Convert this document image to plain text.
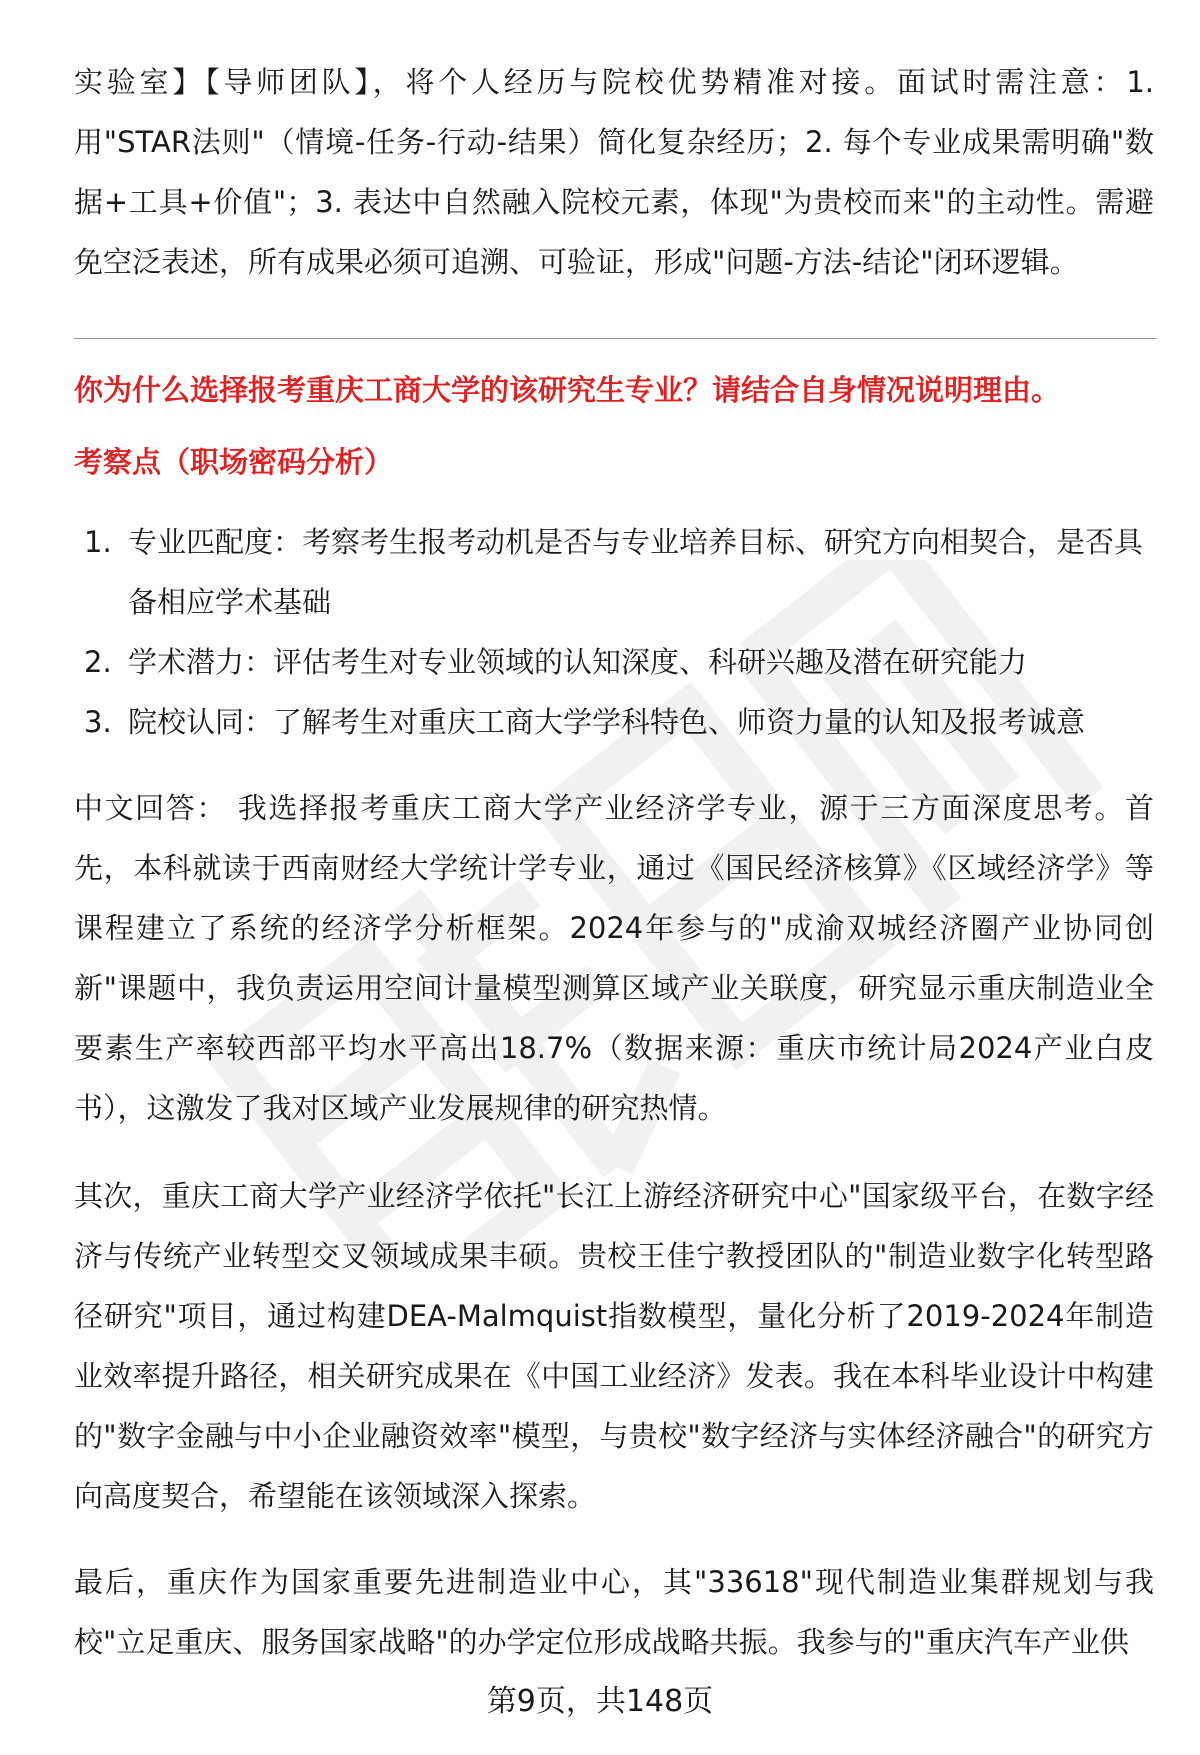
实验室】【导师团队】，将个人经历与院校优势精准对接。面试时需注意：1. 用"STAR法则"（情境-任务-行动-结果）简化复杂经历；2. 每个专业成果需明确"数据+工具+价值"；3. 表达中自然融入院校元素，体现"为贵校而来"的主动性。需避免空泛表述，所有成果必须可追溯、可验证，形成"问题-方法-结论"闭环逻辑。

你为什么选择报考重庆工商大学的该研究生专业？请结合自身情况说明理由。
考察点（职场密码分析）
1. 专业匹配度：考察考生报考动机是否与专业培养目标、研究方向相契合，是否具备相应学术基础
2. 学术潜力：评估考生对专业领域的认知深度、科研兴趣及潜在研究能力
3. 院校认同：了解考生对重庆工商大学学科特色、师资力量的认知及报考诚意

中文回答： 我选择报考重庆工商大学产业经济学专业，源于三方面深度思考。首先，本科就读于西南财经大学统计学专业，通过《国民经济核算》《区域经济学》等课程建立了系统的经济学分析框架。2024年参与的"成渝双城经济圈产业协同创新"课题中，我负责运用空间计量模型测算区域产业关联度，研究显示重庆制造业全要素生产率较西部平均水平高出18.7%（数据来源：重庆市统计局2024产业白皮书），这激发了我对区域产业发展规律的研究热情。

其次，重庆工商大学产业经济学依托"长江上游经济研究中心"国家级平台，在数字经济与传统产业转型交叉领域成果丰硕。贵校王佳宁教授团队的"制造业数字化转型路径研究"项目，通过构建DEA-Malmquist指数模型，量化分析了2019-2024年制造业效率提升路径，相关研究成果在《中国工业经济》发表。我在本科毕业设计中构建的"数字金融与中小企业融资效率"模型，与贵校"数字经济与实体经济融合"的研究方向高度契合，希望能在该领域深入探索。

最后，重庆作为国家重要先进制造业中心，其"33618"现代制造业集群规划与我校"立足重庆、服务国家战略"的办学定位形成战略共振。我参与的"重庆汽车产业供

第9页，共148页
